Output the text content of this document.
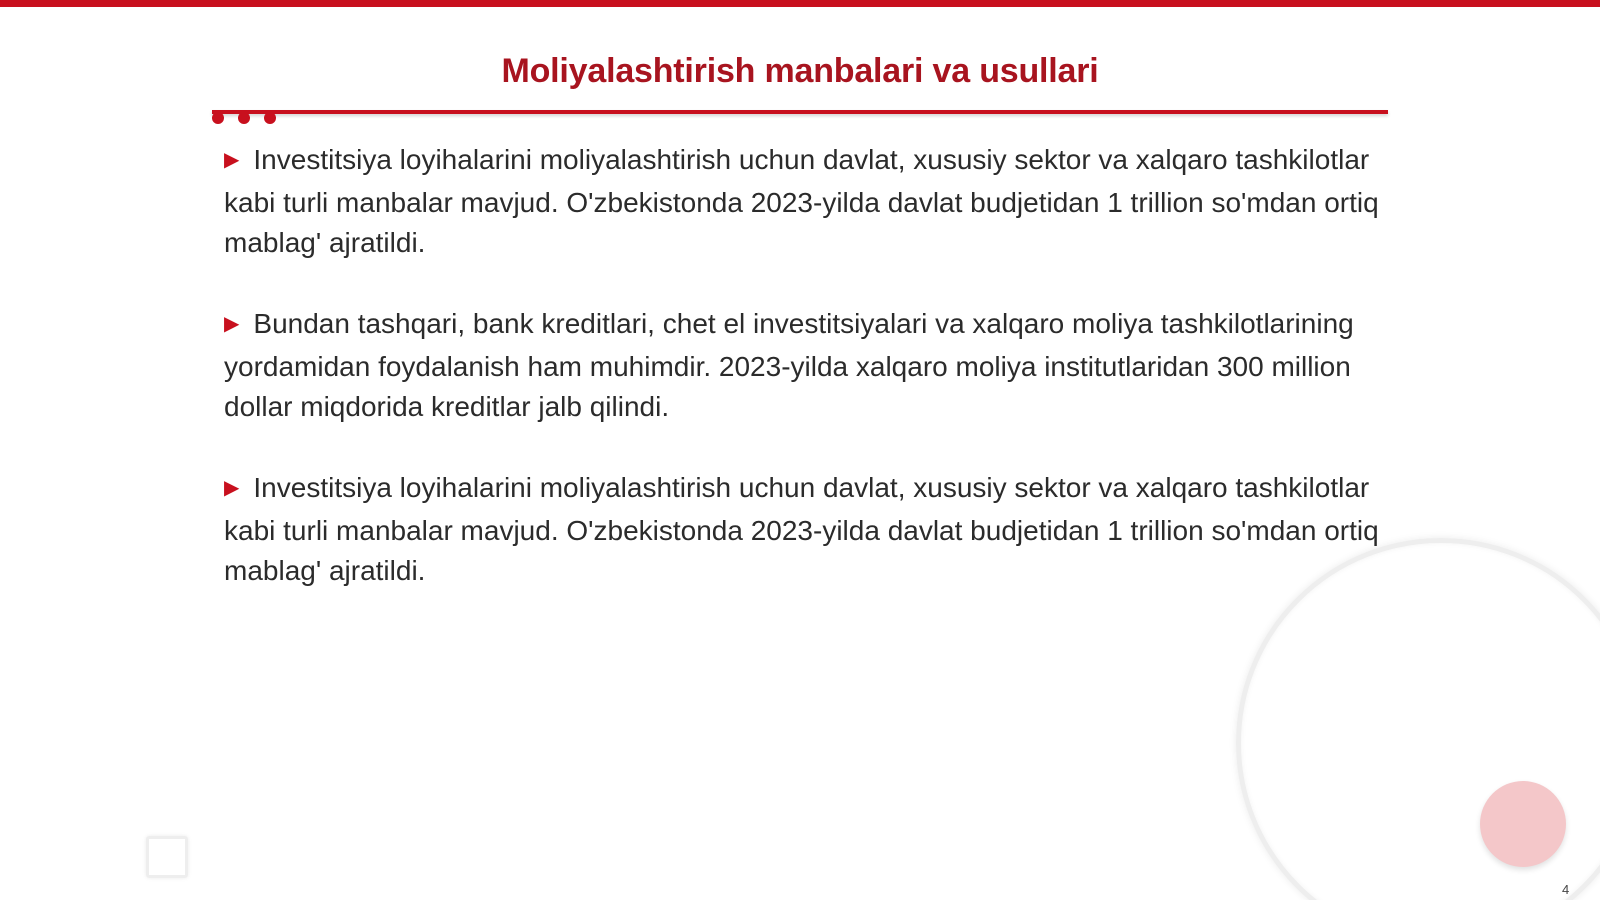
Moliyalashtirish manbalari va usullari

▶ Investitsiya loyihalarini moliyalashtirish uchun davlat, xususiy sektor va xalqaro tashkilotlar kabi turli manbalar mavjud. O'zbekistonda 2023-yilda davlat budjetidan 1 trillion so'mdan ortiq mablag' ajratildi.

▶ Bundan tashqari, bank kreditlari, chet el investitsiyalari va xalqaro moliya tashkilotlarining yordamidan foydalanish ham muhimdir. 2023-yilda xalqaro moliya institutlaridan 300 million dollar miqdorida kreditlar jalb qilindi.

▶ Investitsiya loyihalarini moliyalashtirish uchun davlat, xususiy sektor va xalqaro tashkilotlar kabi turli manbalar mavjud. O'zbekistonda 2023-yilda davlat budjetidan 1 trillion so'mdan ortiq mablag' ajratildi.

4
